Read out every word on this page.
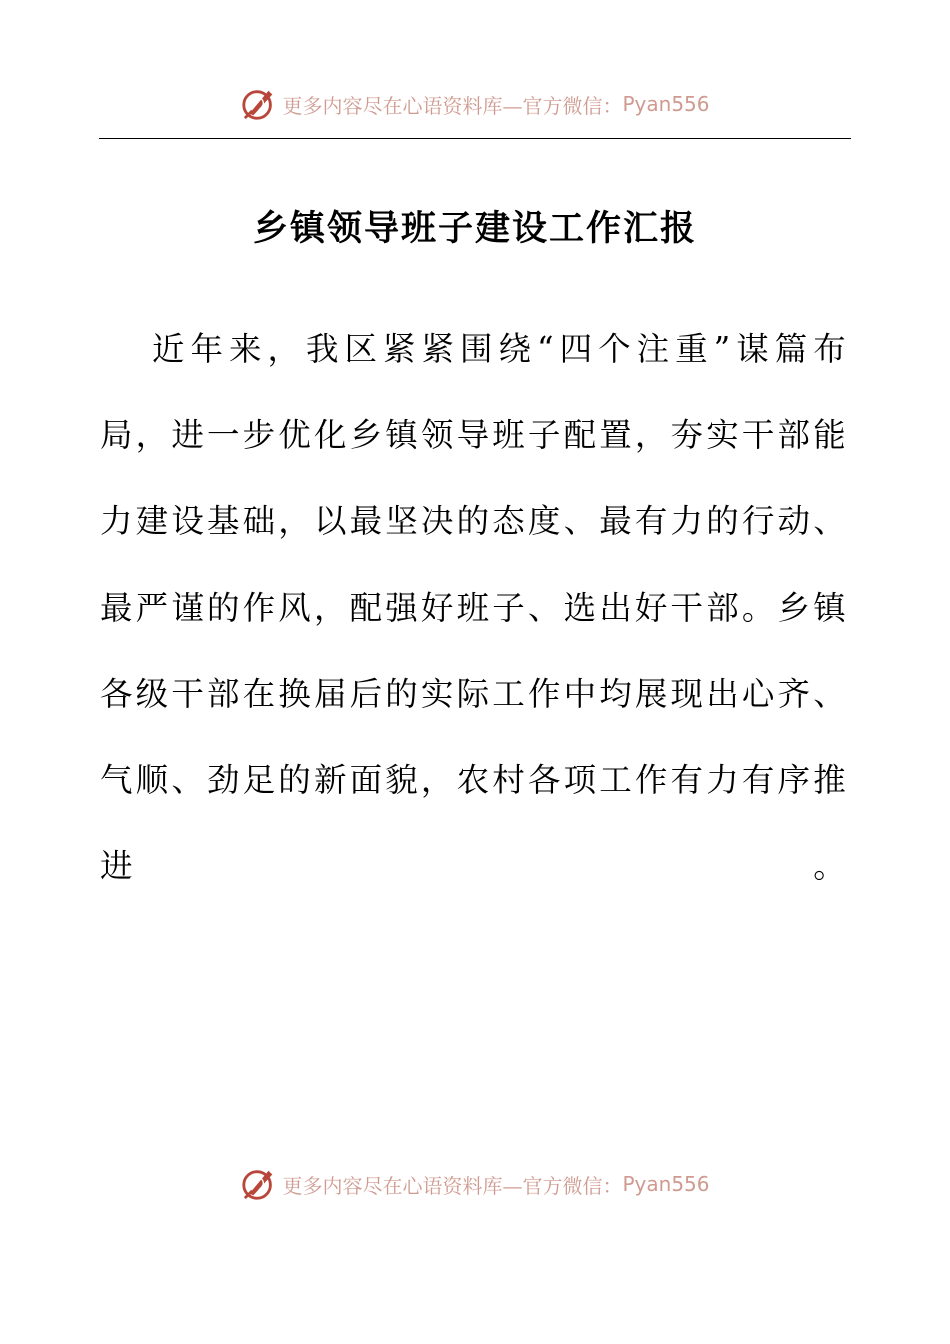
更多内容尽在心语资料库—官方微信： Pyan556
乡镇领导班子建设工作汇报

近年来，我区紧紧围绕“四个注重”谋篇布局，进一步优化乡镇领导班子配置，夯实干部能力建设基础，以最坚决的态度、最有力的行动、最严谨的作风，配强好班子、选出好干部。乡镇各级干部在换届后的实际工作中均展现出心齐、气顺、劲足的新面貌，农村各项工作有力有序推进 。

更多内容尽在心语资料库—官方微信： Pyan556
